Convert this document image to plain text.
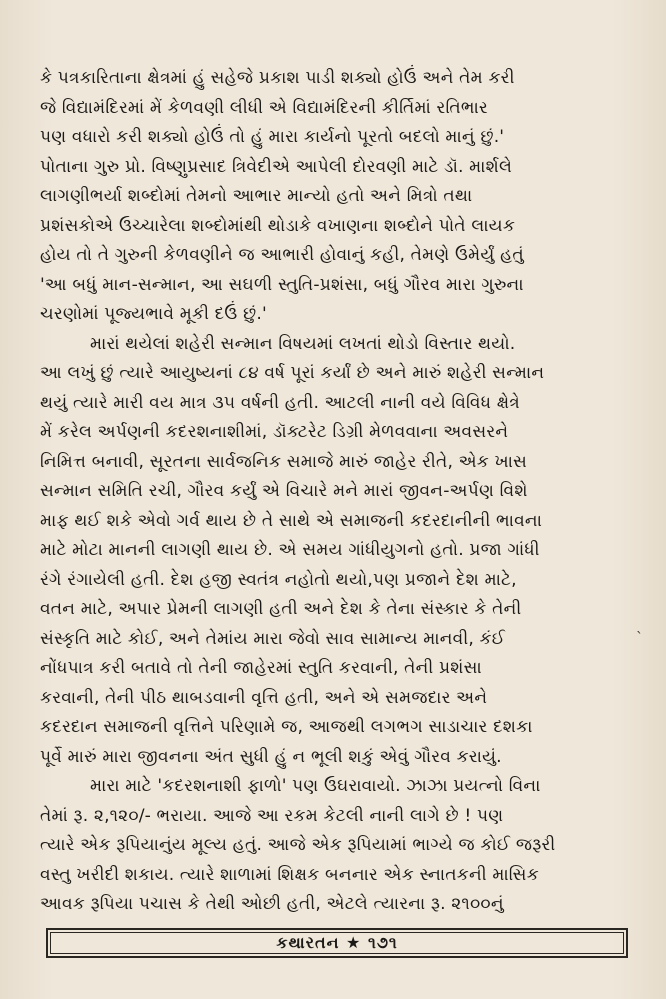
કે પત્રકારિતાના ક્ષેત્રમાં હું સહેજે પ્રકાશ પાડી શક્યો હોઉં અને તેમ કરી
જે વિદ્યામંદિરમાં મેં કેળવણી લીધી એ વિદ્યામંદિરની કીર્તિમાં રતિભાર
પણ વધારો કરી શક્યો હોઉં તો હું મારા કાર્યનો પૂરતો બદલો માનું છું.'
પોતાના ગુરુ પ્રો. વિષ્ણુપ્રસાદ ત્રિવેદીએ આપેલી દોરવણી માટે ડૉ. માર્શલે
લાગણીભર્યા શબ્દોમાં તેમનો આભાર માન્યો હતો અને મિત્રો તથા
પ્રશંસકોએ ઉચ્ચારેલા શબ્દોમાંથી થોડાકે વખાણના શબ્દોને પોતે લાયક
હોય તો તે ગુરુની કેળવણીને જ આભારી હોવાનું કહી, તેમણે ઉમેર્યું હતું
'આ બધું માન-સન્માન, આ સઘળી સ્તુતિ-પ્રશંસા, બધું ગૌરવ મારા ગુરુના
ચરણોમાં પૂજ્યભાવે મૂકી દઉં છું.'

મારાં થયેલાં શહેરી સન્માન વિષયમાં લખતાં થોડો વિસ્તાર થયો.
આ લખું છું ત્યારે આયુષ્યનાં ૮૪ વર્ષ પૂરાં કર્યાં છે અને મારું શહેરી સન્માન
થયું ત્યારે મારી વય માત્ર ૩૫ વર્ષની હતી. આટલી નાની વયે વિવિધ ક્ષેત્રે
મેં કરેલ અર્પણની કદરશનાશીમાં, ડૉક્ટરેટ ડિગ્રી મેળવવાના અવસરને
નિમિત્ત બનાવી, સૂરતના સાર્વજનિક સમાજે મારું જાહેર રીતે, એક ખાસ
સન્માન સમિતિ રચી, ગૌરવ કર્યું એ વિચારે મને મારાં જીવન-અર્પણ વિશે
માફ થઈ શકે એવો ગર્વ થાય છે તે સાથે એ સમાજની કદરદાનીની ભાવના
માટે મોટા માનની લાગણી થાય છે. એ સમય ગાંધીયુગનો હતો. પ્રજા ગાંધી
રંગે રંગાયેલી હતી. દેશ હજી સ્વતંત્ર નહોતો થયો,પણ પ્રજાને દેશ માટે,
વતન માટે, અપાર પ્રેમની લાગણી હતી અને દેશ કે તેના સંસ્કાર કે તેની
સંસ્કૃતિ માટે કોઈ, અને તેમાંય મારા જેવો સાવ સામાન્ય માનવી, કંઈ
નોંધપાત્ર કરી બતાવે તો તેની જાહેરમાં સ્તુતિ કરવાની, તેની પ્રશંસા
કરવાની, તેની પીઠ થાબડવાની વૃત્તિ હતી, અને એ સમજદાર અને
કદરદાન સમાજની વૃત્તિને પરિણામે જ, આજથી લગભગ સાડાચાર દશકા
પૂર્વે મારું મારા જીવનના અંત સુધી હું ન ભૂલી શકું એવું ગૌરવ કરાયું.

મારા માટે 'કદરશનાશી ફાળો' પણ ઉઘરાવાયો. ઝાઝા પ્રયત્નો વિના
તેમાં રૂ. ૨,૧૨૦/- ભરાયા. આજે આ રકમ કેટલી નાની લાગે છે ! પણ
ત્યારે એક રૂપિયાનુંય મૂલ્ય હતું. આજે એક રૂપિયામાં ભાગ્યે જ કોઈ જરૂરી
વસ્તુ ખરીદી શકાય. ત્યારે શાળામાં શિક્ષક બનનાર એક સ્નાતકની માસિક
આવક રૂપિયા પચાસ કે તેથી ઓછી હતી, એટલે ત્યારના રૂ. ૨૧૦૦નું

ˎ
કથારતન ★ ૧૭૧
